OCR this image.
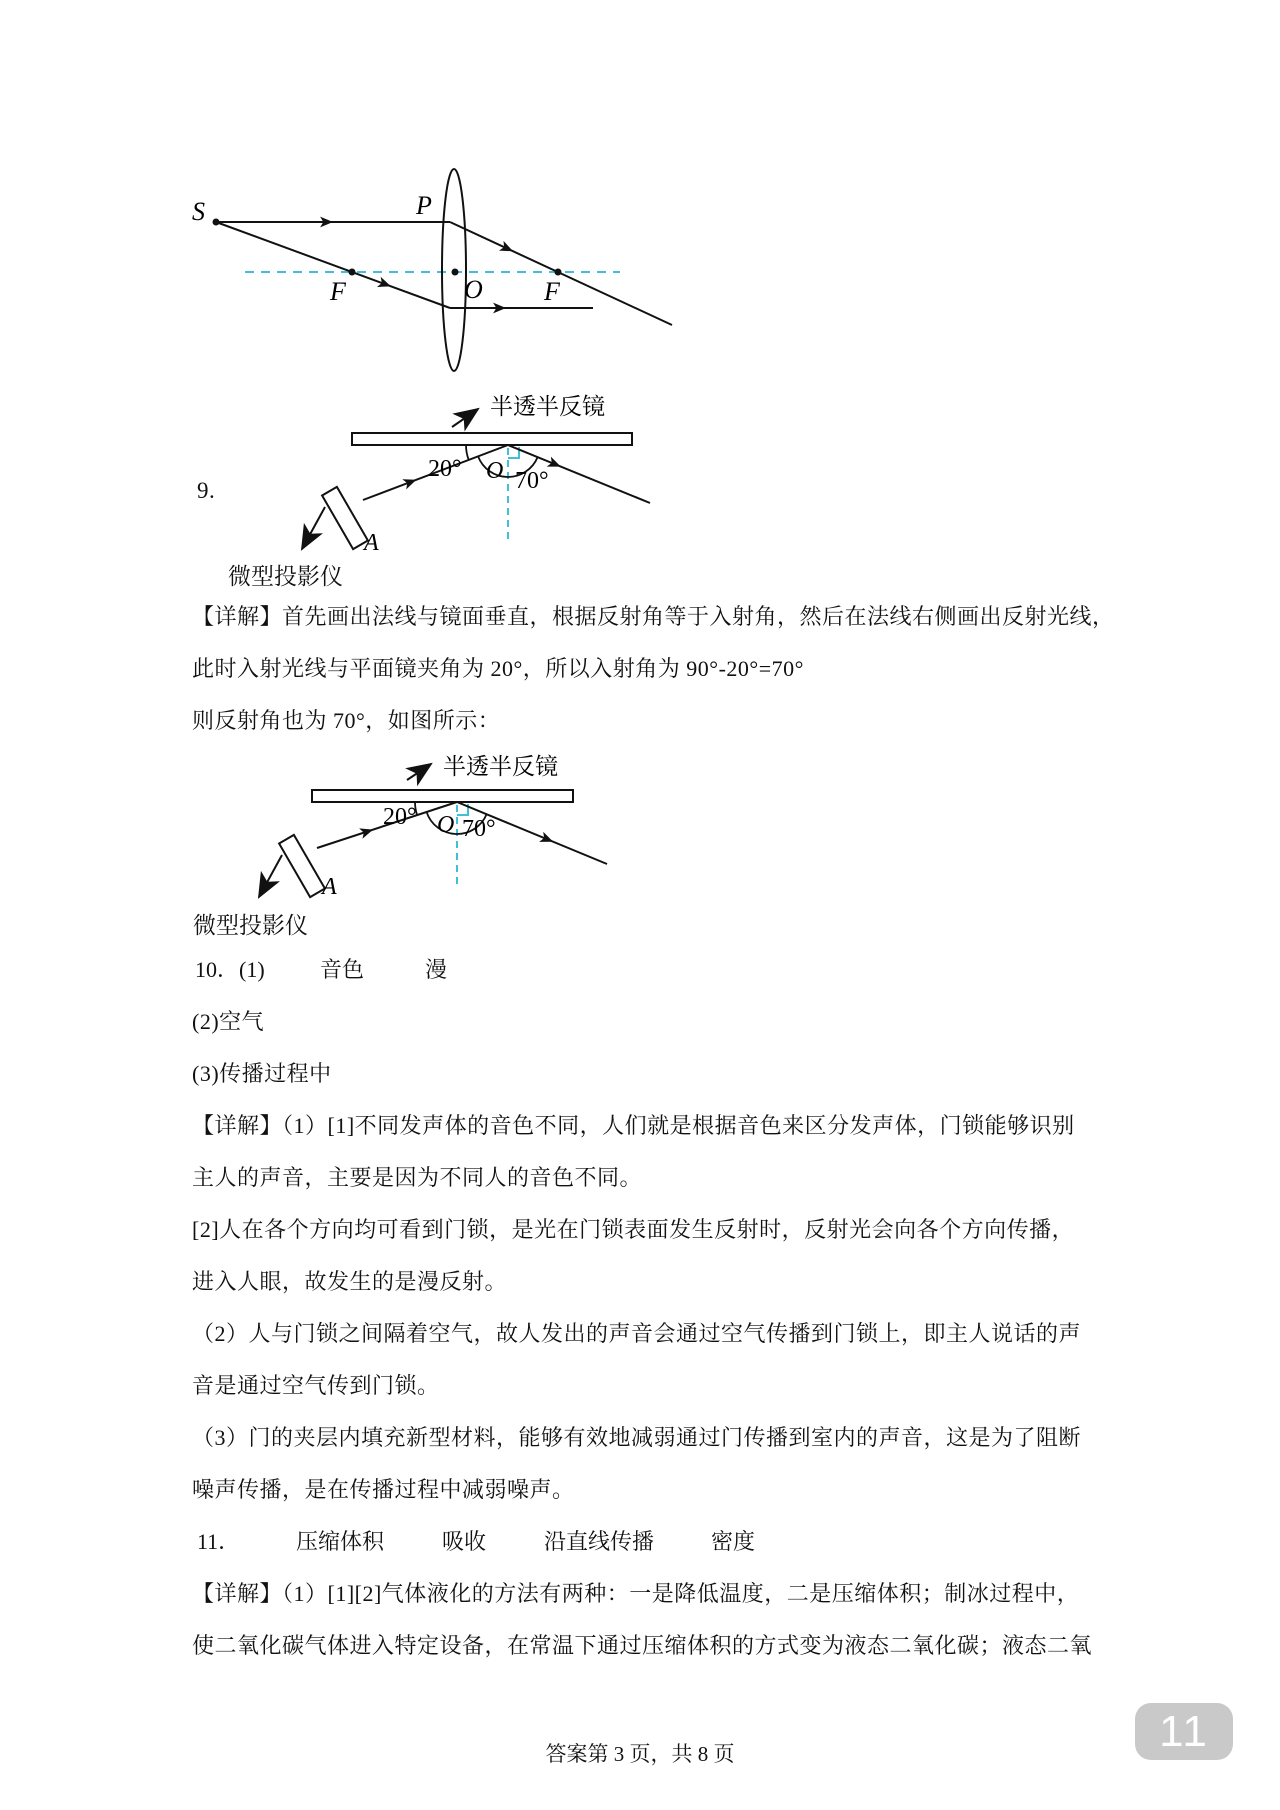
S	P
F	O F
9.
半透半反镜
20° O 70°
A
微型投影仪
【详解】首先画出法线与镜面垂直，根据反射角等于入射角，然后在法线右侧画出反射光线，
此时入射光线与平面镜夹角为 20°，所以入射角为 90°-20°=70°
则反射角也为 70°，如图所示：
半透半反镜
20° O 70°
A
微型投影仪
10．(1)	音色	漫
(2)空气
(3)传播过程中
【详解】（1）[1]不同发声体的音色不同，人们就是根据音色来区分发声体，门锁能够识别
主人的声音，主要是因为不同人的音色不同。
[2]人在各个方向均可看到门锁，是光在门锁表面发生反射时，反射光会向各个方向传播，
进入人眼，故发生的是漫反射。
（2）人与门锁之间隔着空气，故人发出的声音会通过空气传播到门锁上，即主人说话的声
音是通过空气传到门锁。
（3）门的夹层内填充新型材料，能够有效地减弱通过门传播到室内的声音，这是为了阻断
噪声传播，是在传播过程中减弱噪声。
11．	压缩体积	吸收	沿直线传播	密度
【详解】（1）[1][2]气体液化的方法有两种：一是降低温度，二是压缩体积；制冰过程中，
使二氧化碳气体进入特定设备，在常温下通过压缩体积的方式变为液态二氧化碳；液态二氧
答案第 3 页，共 8 页	11
